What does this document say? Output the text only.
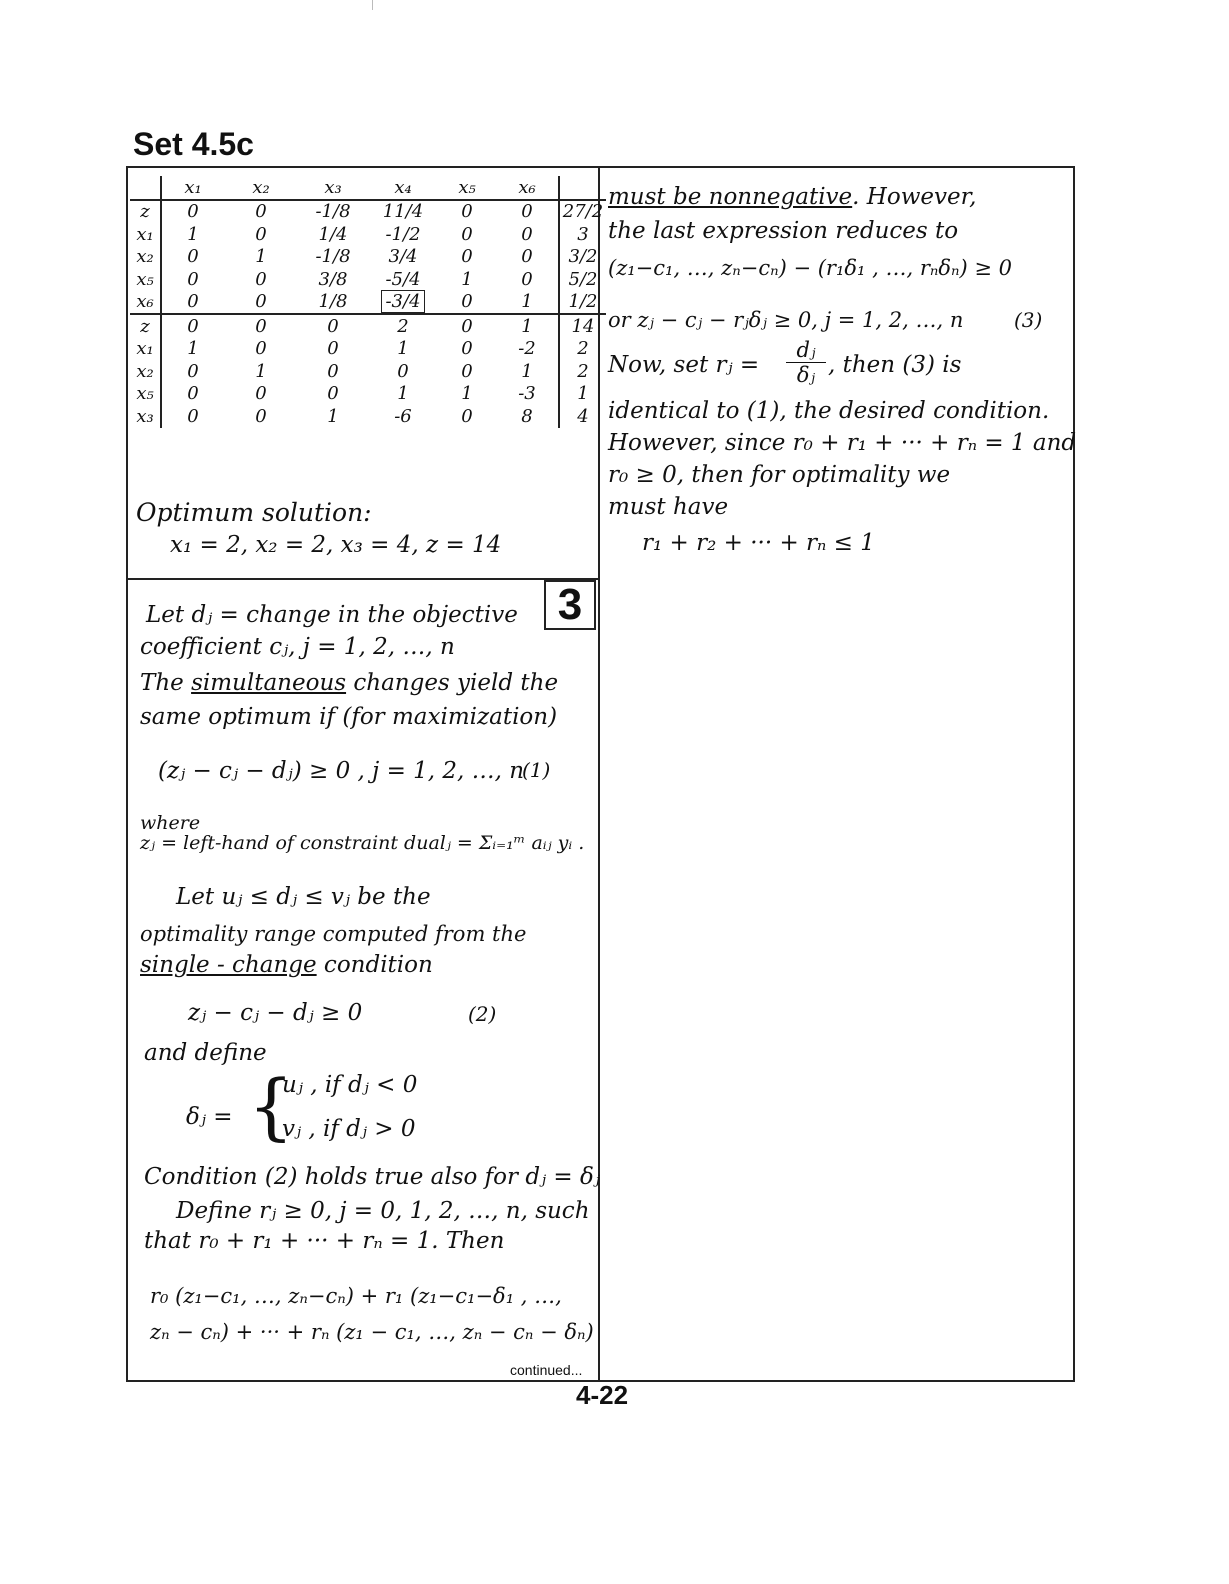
Set 4.5c
	x₁	x₂	x₃	x₄	x₅	x₆	
z	0	0	-1/8	11/4	0	0	27/2
x₁	1	0	1/4	-1/2	0	0	3
x₂	0	1	-1/8	3/4	0	0	3/2
x₅	0	0	3/8	-5/4	1	0	5/2
x₆	0	0	1/8	-3/4	0	1	1/2
z	0	0	0	2	0	1	14
x₁	1	0	0	1	0	-2	2
x₂	0	1	0	0	0	1	2
x₅	0	0	0	1	1	-3	1
x₃	0	0	1	-6	0	8	4
Optimum solution:
x₁ = 2, x₂ = 2, x₃ = 4, z = 14
3
Let dⱼ = change in the objective
coefficient cⱼ, j = 1, 2, …, n
The simultaneous changes yield the
same optimum if (for maximization)
(zⱼ − cⱼ − dⱼ) ≥ 0 , j = 1, 2, …, n
(1)
where
zⱼ = left-hand of constraint dualⱼ = Σᵢ₌₁ᵐ aᵢⱼ yᵢ .
Let uⱼ ≤ dⱼ ≤ vⱼ be the
optimality range computed from the
single - change condition
zⱼ − cⱼ − dⱼ ≥ 0	(2)
and define
δⱼ = {
uⱼ , if dⱼ < 0
vⱼ , if dⱼ > 0
Condition (2) holds true also for dⱼ = δⱼ
Define rⱼ ≥ 0, j = 0, 1, 2, …, n, such
that r₀ + r₁ + ··· + rₙ = 1. Then
r₀ (z₁−c₁, …, zₙ−cₙ) + r₁ (z₁−c₁−δ₁ , …,
zₙ − cₙ) + ··· + rₙ (z₁ − c₁, …, zₙ − cₙ − δₙ)
must be nonnegative. However,
the last expression reduces to
(z₁−c₁, …, zₙ−cₙ) − (r₁δ₁ , …, rₙδₙ) ≥ 0
or zⱼ − cⱼ − rⱼδⱼ ≥ 0, j = 1, 2, …, n	(3)
Now, set rⱼ = $\frac{\text{dⱼ}}{\text{δⱼ}}$ , then (3) is
identical to (1), the desired condition.
However, since r₀ + r₁ + ··· + rₙ = 1 and
r₀ ≥ 0, then for optimality we
must have
r₁ + r₂ + ··· + rₙ ≤ 1
continued...
4-22
